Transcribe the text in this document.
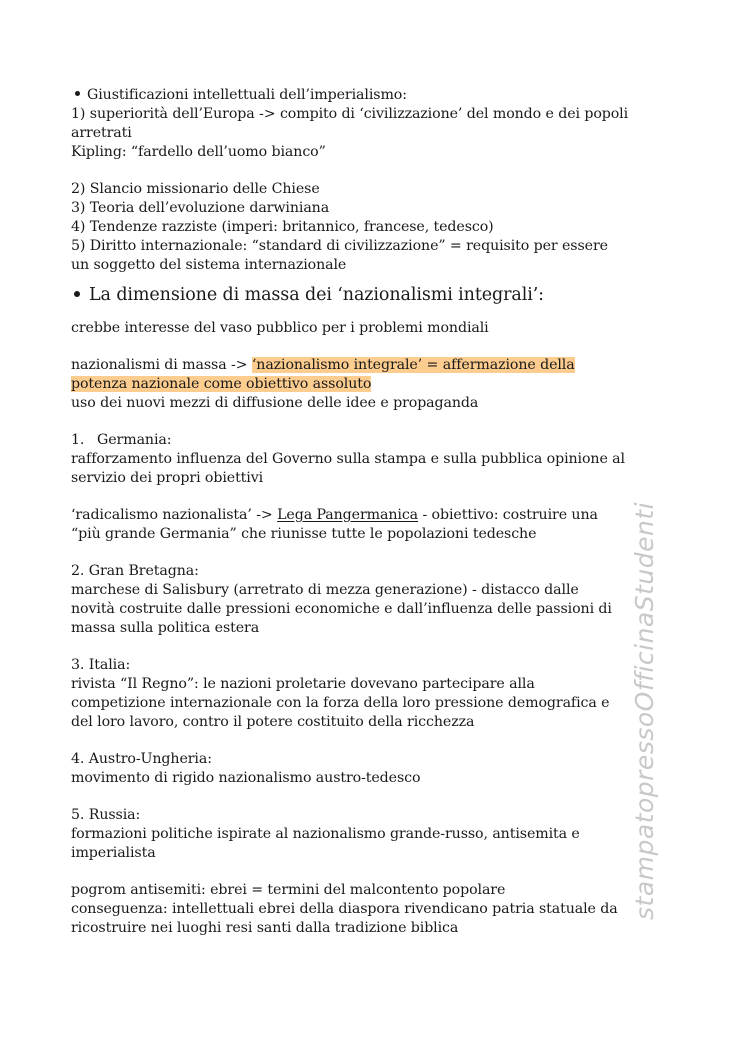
Giustificazioni intellettuali dell’imperialismo:
1) superiorità dell’Europa -> compito di ‘civilizzazione’ del mondo e dei popoli
arretrati
Kipling: “fardello dell’uomo bianco”
2) Slancio missionario delle Chiese
3) Teoria dell’evoluzione darwiniana
4) Tendenze razziste (imperi: britannico, francese, tedesco)
5) Diritto internazionale: “standard di civilizzazione” = requisito per essere
un soggetto del sistema internazionale
La dimensione di massa dei ‘nazionalismi integrali’:
crebbe interesse del vaso pubblico per i problemi mondiali
nazionalismi di massa -> ‘nazionalismo integrale’ = affermazione della
potenza nazionale come obiettivo assoluto
uso dei nuovi mezzi di diffusione delle idee e propaganda
1. Germania:
rafforzamento influenza del Governo sulla stampa e sulla pubblica opinione al
servizio dei propri obiettivi
‘radicalismo nazionalista’ -> Lega Pangermanica - obiettivo: costruire una
“più grande Germania” che riunisse tutte le popolazioni tedesche
2. Gran Bretagna:
marchese di Salisbury (arretrato di mezza generazione) - distacco dalle
novità costruite dalle pressioni economiche e dall’influenza delle passioni di
massa sulla politica estera
3. Italia:
rivista “Il Regno”: le nazioni proletarie dovevano partecipare alla
competizione internazionale con la forza della loro pressione demografica e
del loro lavoro, contro il potere costituito della ricchezza
4. Austro-Ungheria:
movimento di rigido nazionalismo austro-tedesco
5. Russia:
formazioni politiche ispirate al nazionalismo grande-russo, antisemita e
imperialista
pogrom antisemiti: ebrei = termini del malcontento popolare
conseguenza: intellettuali ebrei della diaspora rivendicano patria statuale da
ricostruire nei luoghi resi santi dalla tradizione biblica
stampatopressoOfficinaStudenti
